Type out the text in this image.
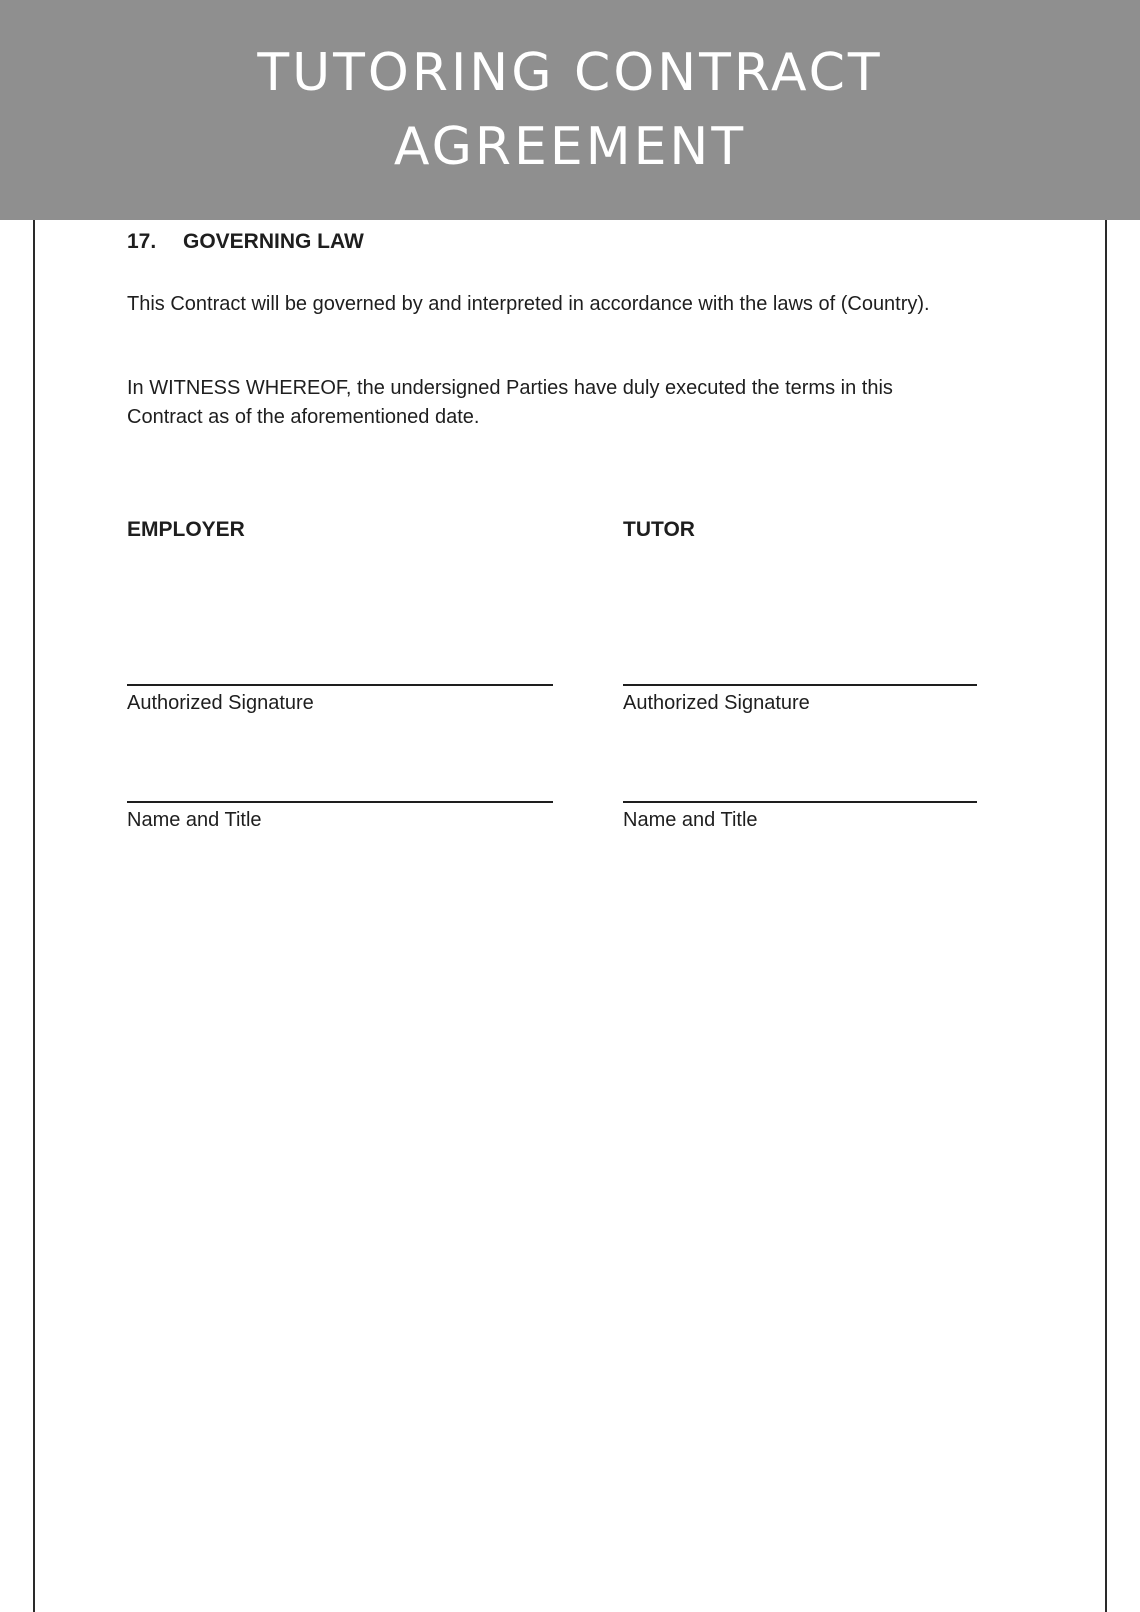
TUTORING CONTRACT
AGREEMENT
17. GOVERNING LAW
This Contract will be governed by and interpreted in accordance with the laws of (Country).
In WITNESS WHEREOF, the undersigned Parties have duly executed the terms in this
Contract as of the aforementioned date.
EMPLOYER
Authorized Signature
Name and Title
TUTOR
Authorized Signature
Name and Title
